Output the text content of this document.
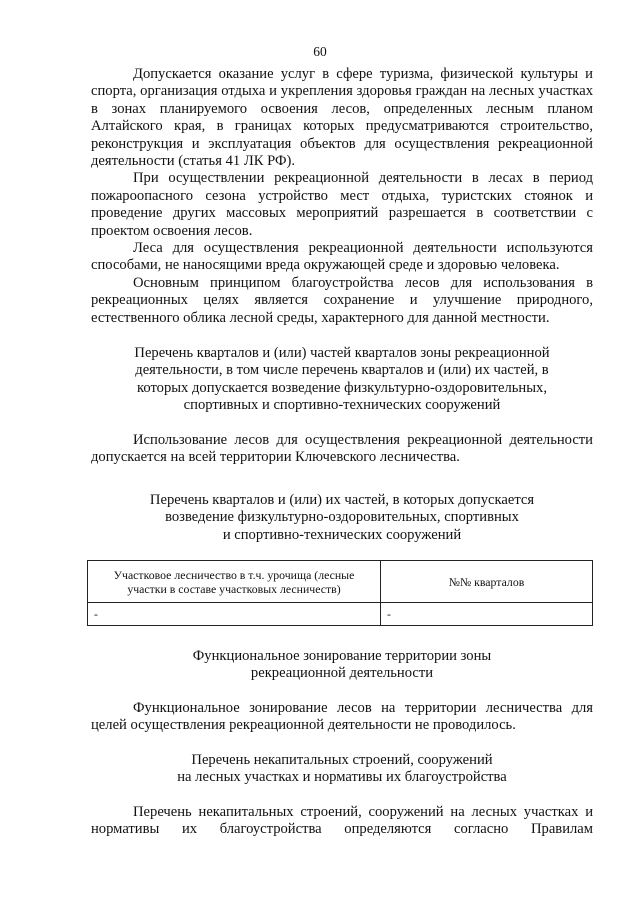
60

Допускается оказание услуг в сфере туризма, физической культуры и спорта, организация отдыха и укрепления здоровья граждан на лесных участках в зонах планируемого освоения лесов, определенных лесным планом Алтайского края, в границах которых предусматриваются строительство, реконструкция и эксплуатация объектов для осуществления рекреационной деятельности (статья 41 ЛК РФ).

При осуществлении рекреационной деятельности в лесах в период пожароопасного сезона устройство мест отдыха, туристских стоянок и проведение других массовых мероприятий разрешается в соответствии с проектом освоения лесов.

Леса для осуществления рекреационной деятельности используются способами, не наносящими вреда окружающей среде и здоровью человека.

Основным принципом благоустройства лесов для использования в рекреационных целях является сохранение и улучшение природного, естественного облика лесной среды, характерного для данной местности.

Перечень кварталов и (или) частей кварталов зоны рекреационной
деятельности, в том числе перечень кварталов и (или) их частей, в
которых допускается возведение физкультурно-оздоровительных,
спортивных и спортивно-технических сооружений

Использование лесов для осуществления рекреационной деятельности допускается на всей территории Ключевского лесничества.

Перечень кварталов и (или) их частей, в которых допускается
возведение физкультурно-оздоровительных, спортивных
и спортивно-технических сооружений
Участковое лесничество в т.ч. урочища (лесные участки в составе участковых лесничеств)	№№ кварталов
-	-
Функциональное зонирование территории зоны
рекреационной деятельности

Функциональное зонирование лесов на территории лесничества для целей осуществления рекреационной деятельности не проводилось.

Перечень некапитальных строений, сооружений
на лесных участках и нормативы их благоустройства

Перечень некапитальных строений, сооружений на лесных участках и нормативы их благоустройства определяются согласно Правилам
